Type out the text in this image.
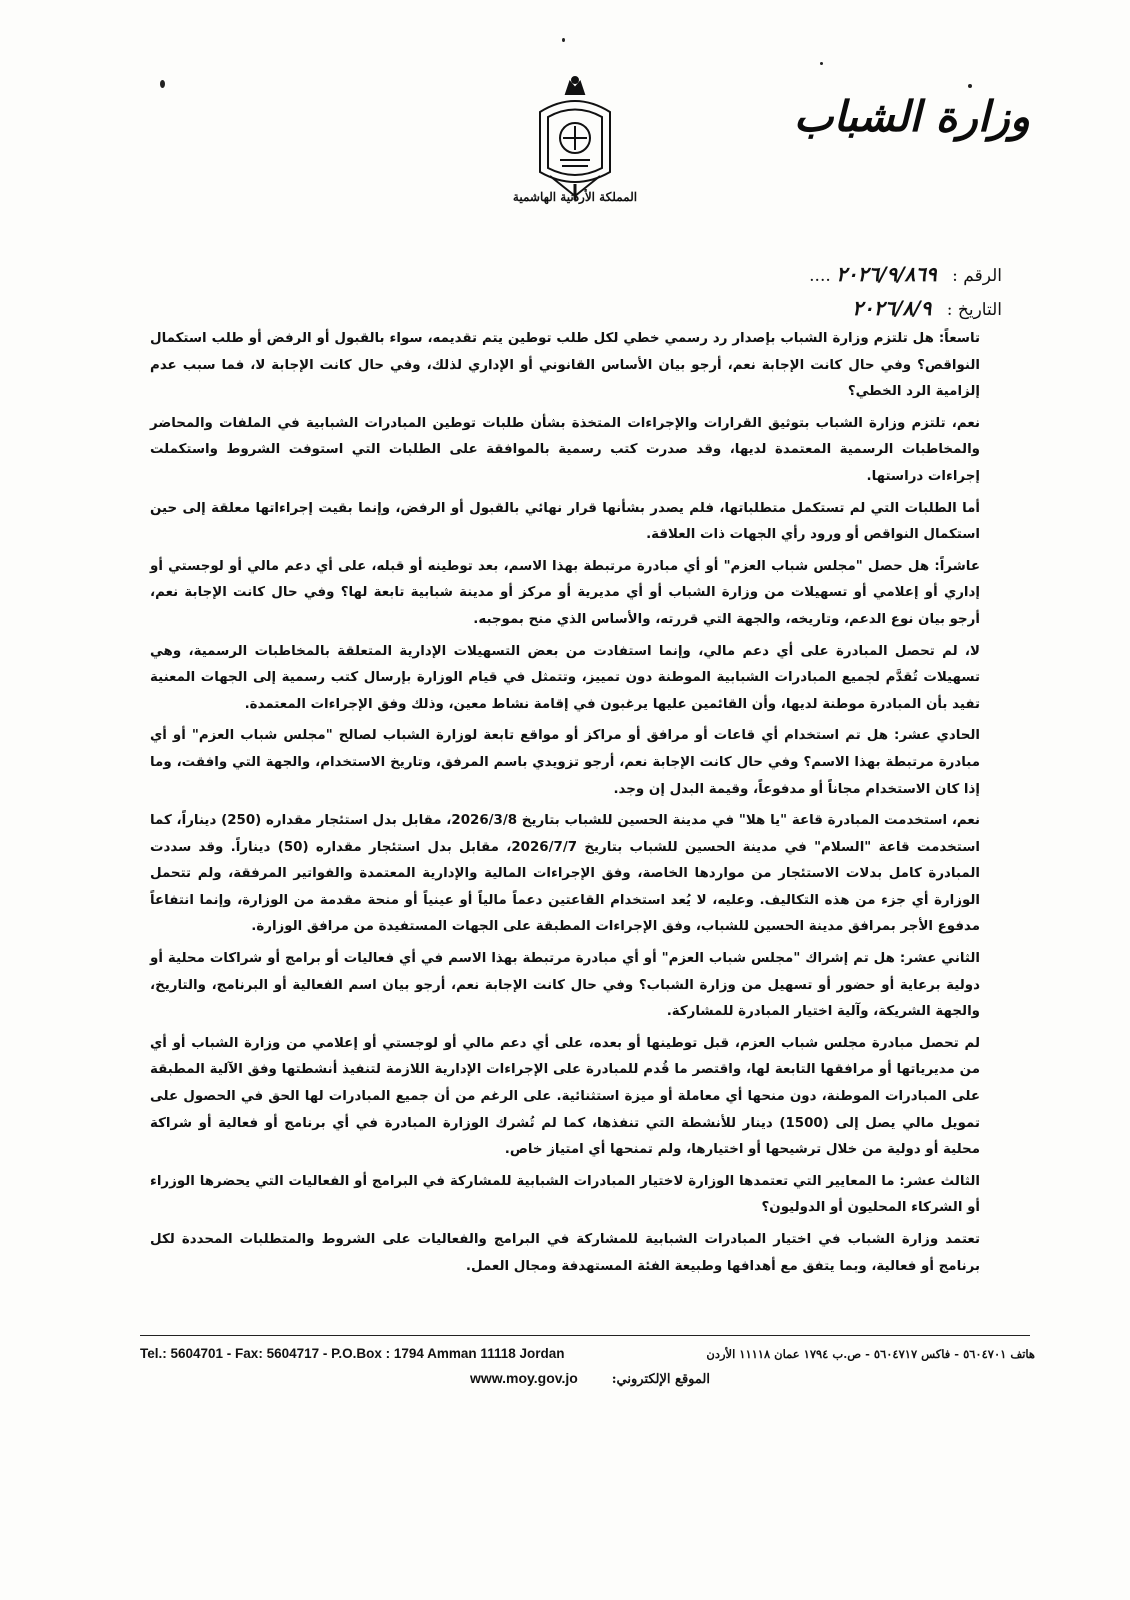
وزارة الشباب
المملكة الأردنية الهاشمية
الرقم : ٢٠٢٦/٩/٨٦٩ ....
التاريخ : ٢٠٢٦/٨/٩

تاسعاً: هل تلتزم وزارة الشباب بإصدار رد رسمي خطي لكل طلب توطين يتم تقديمه، سواء بالقبول أو الرفض أو طلب استكمال النواقص؟ وفي حال كانت الإجابة نعم، أرجو بيان الأساس القانوني أو الإداري لذلك، وفي حال كانت الإجابة لا، فما سبب عدم إلزامية الرد الخطي؟

نعم، تلتزم وزارة الشباب بتوثيق القرارات والإجراءات المتخذة بشأن طلبات توطين المبادرات الشبابية في الملفات والمحاضر والمخاطبات الرسمية المعتمدة لديها، وقد صدرت كتب رسمية بالموافقة على الطلبات التي استوفت الشروط واستكملت إجراءات دراستها.

أما الطلبات التي لم تستكمل متطلباتها، فلم يصدر بشأنها قرار نهائي بالقبول أو الرفض، وإنما بقيت إجراءاتها معلقة إلى حين استكمال النواقص أو ورود رأي الجهات ذات العلاقة.

عاشراً: هل حصل "مجلس شباب العزم" أو أي مبادرة مرتبطة بهذا الاسم، بعد توطينه أو قبله، على أي دعم مالي أو لوجستي أو إداري أو إعلامي أو تسهيلات من وزارة الشباب أو أي مديرية أو مركز أو مدينة شبابية تابعة لها؟ وفي حال كانت الإجابة نعم، أرجو بيان نوع الدعم، وتاريخه، والجهة التي قررته، والأساس الذي منح بموجبه.

لا، لم تحصل المبادرة على أي دعم مالي، وإنما استفادت من بعض التسهيلات الإدارية المتعلقة بالمخاطبات الرسمية، وهي تسهيلات تُقدَّم لجميع المبادرات الشبابية الموطنة دون تمييز، وتتمثل في قيام الوزارة بإرسال كتب رسمية إلى الجهات المعنية تفيد بأن المبادرة موطنة لديها، وأن القائمين عليها يرغبون في إقامة نشاط معين، وذلك وفق الإجراءات المعتمدة.

الحادي عشر: هل تم استخدام أي قاعات أو مرافق أو مراكز أو مواقع تابعة لوزارة الشباب لصالح "مجلس شباب العزم" أو أي مبادرة مرتبطة بهذا الاسم؟ وفي حال كانت الإجابة نعم، أرجو تزويدي باسم المرفق، وتاريخ الاستخدام، والجهة التي وافقت، وما إذا كان الاستخدام مجاناً أو مدفوعاً، وقيمة البدل إن وجد.

نعم، استخدمت المبادرة قاعة "يا هلا" في مدينة الحسين للشباب بتاريخ 2026/3/8، مقابل بدل استئجار مقداره (250) ديناراً، كما استخدمت قاعة "السلام" في مدينة الحسين للشباب بتاريخ 2026/7/7، مقابل بدل استئجار مقداره (50) ديناراً. وقد سددت المبادرة كامل بدلات الاستئجار من مواردها الخاصة، وفق الإجراءات المالية والإدارية المعتمدة والفواتير المرفقة، ولم تتحمل الوزارة أي جزء من هذه التكاليف. وعليه، لا يُعد استخدام القاعتين دعماً مالياً أو عينياً أو منحة مقدمة من الوزارة، وإنما انتفاعاً مدفوع الأجر بمرافق مدينة الحسين للشباب، وفق الإجراءات المطبقة على الجهات المستفيدة من مرافق الوزارة.

الثاني عشر: هل تم إشراك "مجلس شباب العزم" أو أي مبادرة مرتبطة بهذا الاسم في أي فعاليات أو برامج أو شراكات محلية أو دولية برعاية أو حضور أو تسهيل من وزارة الشباب؟ وفي حال كانت الإجابة نعم، أرجو بيان اسم الفعالية أو البرنامج، والتاريخ، والجهة الشريكة، وآلية اختيار المبادرة للمشاركة.

لم تحصل مبادرة مجلس شباب العزم، قبل توطينها أو بعده، على أي دعم مالي أو لوجستي أو إعلامي من وزارة الشباب أو أي من مديرياتها أو مرافقها التابعة لها، واقتصر ما قُدم للمبادرة على الإجراءات الإدارية اللازمة لتنفيذ أنشطتها وفق الآلية المطبقة على المبادرات الموطنة، دون منحها أي معاملة أو ميزة استثنائية. على الرغم من أن جميع المبادرات لها الحق في الحصول على تمويل مالي يصل إلى (1500) دينار للأنشطة التي تنفذها، كما لم تُشرك الوزارة المبادرة في أي برنامج أو فعالية أو شراكة محلية أو دولية من خلال ترشيحها أو اختيارها، ولم تمنحها أي امتياز خاص.

الثالث عشر: ما المعايير التي تعتمدها الوزارة لاختيار المبادرات الشبابية للمشاركة في البرامج أو الفعاليات التي يحضرها الوزراء أو الشركاء المحليون أو الدوليون؟

تعتمد وزارة الشباب في اختيار المبادرات الشبابية للمشاركة في البرامج والفعاليات على الشروط والمتطلبات المحددة لكل برنامج أو فعالية، وبما يتفق مع أهدافها وطبيعة الفئة المستهدفة ومجال العمل.

Tel.: 5604701 - Fax: 5604717 - P.O.Box : 1794 Amman 11118 Jordan	هاتف ٥٦٠٤٧٠١ - فاكس ٥٦٠٤٧١٧ - ص.ب ١٧٩٤ عمان ١١١١٨ الأردن
www.moy.gov.jo	الموقع الإلكتروني:
